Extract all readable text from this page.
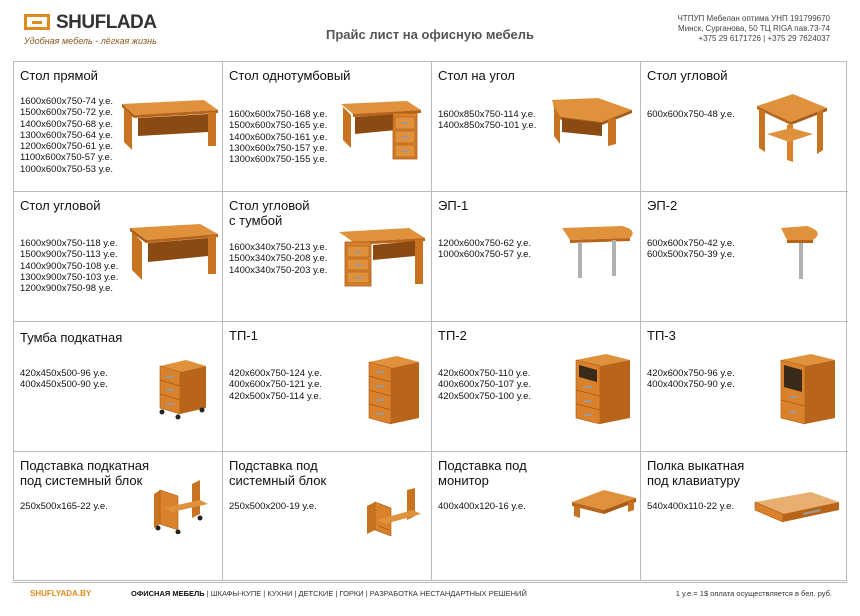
SHUFLADA
Удобная мебель - лёгкая жизнь	Прайс лист на офисную мебель
ЧТПУП Мебелан оптима УНП 191799670
Минск, Сурганова, 50 ТЦ RIGA пав.73-74
+375 29 6171726 | +375 29 7624037
Стол прямой
1600x600x750-74 у.е.
1500x600x750-72 у.е.
1400x600x750-68 у.е.
1300x600x750-64 у.е.
1200x600x750-61 у.е.
1100x600x750-57 у.е.
1000x600x750-53 у.е.
Стол однотумбовый
1600x600x750-168 у.е.
1500x600x750-165 у.е.
1400x600x750-161 у.е.
1300x600x750-157 у.е.
1300x600x750-155 у.е.
Стол на угол
1600x850x750-114 у.е.
1400x850x750-101 у.е.
Стол угловой
600x600x750-48 у.е.
Стол угловой
1600x900x750-118 у.е.
1500x900x750-113 у.е.
1400x900x750-108 у.е.
1300x900x750-103 у.е.
1200x900x750-98 у.е.
Стол угловой
с тумбой
1600x340x750-213 у.е.
1500x340x750-208 у.е.
1400x340x750-203 у.е.
ЭП-1
1200x600x750-62 у.е.
1000x600x750-57 у.е.
ЭП-2
600x600x750-42 у.е.
600x500x750-39 у.е.
Тумба подкатная
420x450x500-96 у.е.
400x450x500-90 у.е.
ТП-1
420x600x750-124 у.е.
400x600x750-121 у.е.
420x500x750-114 у.е.
ТП-2
420x600x750-110 у.е.
400x600x750-107 у.е.
420x500x750-100 у.е.
ТП-3
420x600x750-96 у.е.
400x400x750-90 у.е.
Подставка подкатная
под системный блок
250x500x165-22 у.е.
Подставка под
системный блок
250x500x200-19 у.е.
Подставка под
монитор
400x400x120-16 у.е.
Полка выкатная
под клавиатуру
540x400x110-22 у.е.
SHUFLYADA.BY	ОФИСНАЯ МЕБЕЛЬ | ШКАФЫ-КУПЕ | КУХНИ | ДЕТСКИЕ | ГОРКИ | РАЗРАБОТКА НЕСТАНДАРТНЫХ РЕШЕНИЙ	1 у.е.= 1$ оплата осуществляется в бел. руб.
